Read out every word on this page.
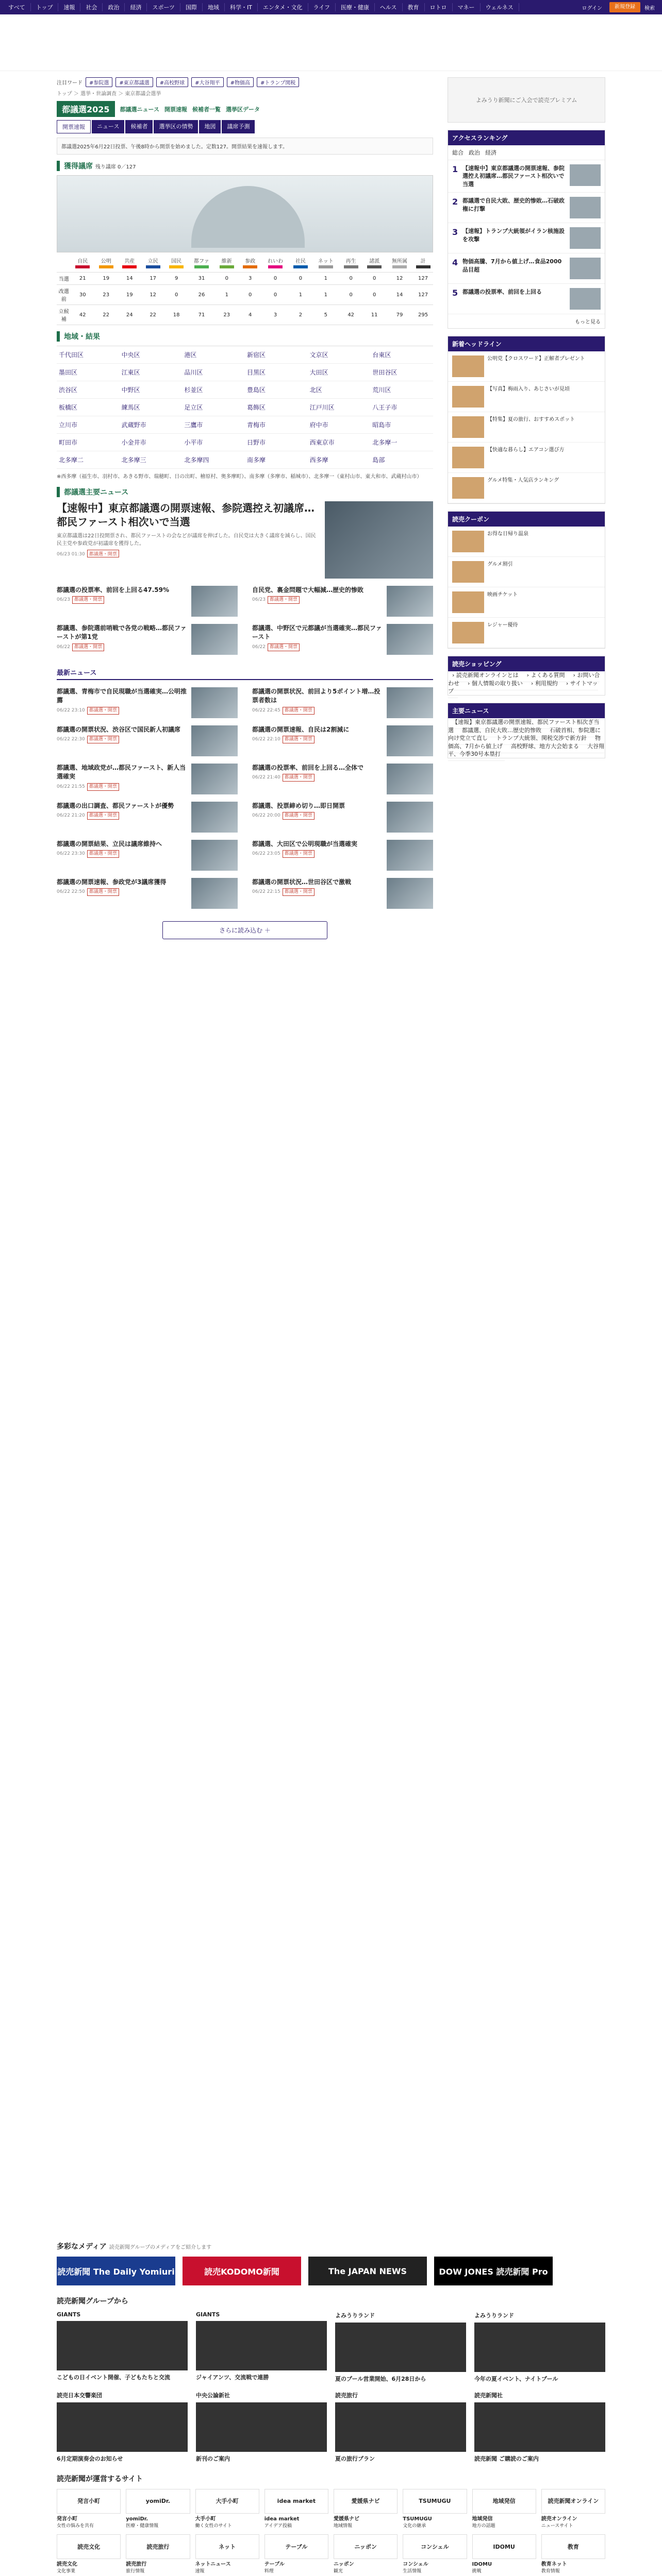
すべて	トップ	速報	社会	政治	経済	スポーツ	国際	地域	科学・IT	エンタメ・文化	ライフ	医療・健康	ヘルス	教育	ロトロ	マネー	ウェルネス	ログイン	新規登録	検索
注目ワード	#参院選	#東京都議選	#高校野球	#大谷翔平	#物価高	#トランプ関税
トップ ＞ 選挙・世論調査 ＞ 東京都議会選挙
都議選2025	都議選ニュース 開票速報 候補者一覧 選挙区データ
開票速報	ニュース	候補者	選挙区の情勢	地図	議席予測
都議選2025年6月22日投票、午後8時から開票を始めました。定数127。開票結果を速報します。
獲得議席 残り議席 0／127
	自民	公明	共産	立民	国民	都ファ	維新	参政	れいわ	社民	ネット	再生	諸派	無所属	計
当選	21	19	14	17	9	31	0	3	0	0	1	0	0	12	127
改選前	30	23	19	12	0	26	1	0	0	1	1	0	0	14	127
立候補	42	22	24	22	18	71	23	4	3	2	5	42	11	79	295
地域・結果
千代田区	中央区	港区	新宿区	文京区	台東区
墨田区	江東区	品川区	目黒区	大田区	世田谷区
渋谷区	中野区	杉並区	豊島区	北区	荒川区
板橋区	練馬区	足立区	葛飾区	江戸川区	八王子市
立川市	武蔵野市	三鷹市	青梅市	府中市	昭島市
町田市	小金井市	小平市	日野市	西東京市	北多摩一
北多摩二	北多摩三	北多摩四	南多摩	西多摩	島部
※西多摩（福生市、羽村市、あきる野市、瑞穂町、日の出町、檜原村、奥多摩町）、南多摩（多摩市、稲城市）、北多摩一（東村山市、東大和市、武蔵村山市）
都議選主要ニュース
【速報中】東京都議選の開票速報、参院選控え初議席…都民ファースト相次いで当選
東京都議選は22日投開票され、都民ファーストの会などが議席を伸ばした。自民党は大きく議席を減らし、国民民主党や参政党が初議席を獲得した。
06/23 01:30 都議選・開票
都議選の投票率、前回を上回る47.59%
06/23 都議選・開票
自民党、裏金問題で大幅減…歴史的惨敗
06/23 都議選・開票
都議選、参院選前哨戦で各党の戦略…都民ファーストが第1党
06/22 都議選・開票
都議選、中野区で元都議が当選確実…都民ファースト
06/22 都議選・開票
最新ニュース
都議選、青梅市で自民現職が当選確実…公明推薦
06/22 23:10 都議選・開票
都議選の開票状況、前回より5ポイント増…投票者数は
06/22 22:45 都議選・開票
都議選の開票状況、渋谷区で国民新人初議席
06/22 22:30 都議選・開票
都議選の開票速報、自民は2割減に
06/22 22:10 都議選・開票
都議選、地域政党が…都民ファースト、新人当選確実
06/22 21:55 都議選・開票
都議選の投票率、前回を上回る…全体で
06/22 21:40 都議選・開票
都議選の出口調査、都民ファーストが優勢
06/22 21:20 都議選・開票
都議選、投票締め切り…即日開票
06/22 20:00 都議選・開票
都議選の開票結果、立民は議席維持へ
06/22 23:30 都議選・開票
都議選、大田区で公明現職が当選確実
06/22 23:05 都議選・開票
都議選の開票速報、参政党が3議席獲得
06/22 22:50 都議選・開票
都議選の開票状況…世田谷区で激戦
06/22 22:15 都議選・開票
さらに読み込む ＋
よみうり新聞にご入会で読売プレミアム
アクセスランキング
総合 政治 経済
1 【速報中】東京都議選の開票速報、参院選控え初議席…都民ファースト相次いで当選
2 都議選で自民大敗、歴史的惨敗…石破政権に打撃
3 【速報】トランプ大統領がイラン核施設を攻撃
4 物価高騰、7月から値上げ…食品2000品目超
5 都議選の投票率、前回を上回る
もっと見る
新着ヘッドライン
公明党【クロスワード】正解者プレゼント
【写真】梅雨入り、あじさいが見頃
【特集】夏の旅行、おすすめスポット
【快適な暮らし】エアコン選び方
グルメ特集・人気店ランキング
読売クーポン
お得な日帰り温泉
グルメ割引
映画チケット
レジャー優待
読売ショッピング
› 読売新聞オンラインとは › よくある質問 › お問い合わせ › 個人情報の取り扱い › 利用規約 › サイトマップ
主要ニュース
【速報】東京都議選の開票速報、都民ファースト相次ぎ当選 都議選、自民大敗…歴史的惨敗 石破首相、参院選に向け党立て直し トランプ大統領、関税交渉で新方針 物価高、7月から値上げ 高校野球、地方大会始まる 大谷翔平、今季30号本塁打
多彩なメディア 読売新聞グループのメディアをご紹介します
読売新聞 The Daily Yomiuri	読売KODOMO新聞	The JAPAN NEWS	DOW JONES 読売新聞 Pro
読売新聞グループから
GIANTS
こどもの日イベント開催、子どもたちと交流
GIANTS
ジャイアンツ、交流戦で連勝
よみうりランド
夏のプール営業開始、6月28日から
よみうりランド
今年の夏イベント、ナイトプール
読売日本交響楽団
6月定期演奏会のお知らせ
中央公論新社
新刊のご案内
読売旅行
夏の旅行プラン
読売新聞社
読売新聞 ご購読のご案内
読売新聞が運営するサイト
発言小町
発言小町
女性の悩みを共有
yomiDr.
yomiDr.
医療・健康情報
大手小町
大手小町
働く女性のサイト
idea market
idea market
アイデア投稿
愛媛県ナビ
愛媛県ナビ
地域情報
TSUMUGU
TSUMUGU
文化の継承
地域発信
地域発信
地方の話題
読売新聞オンライン
読売オンライン
ニュースサイト
読売文化
読売文化
文化事業
読売旅行
読売旅行
旅行情報
ネット
ネットニュース
速報
テーブル
テーブル
料理
ニッポン
ニッポン
観光
コンシェル
コンシェル
生活情報
IDOMU
IDOMU
挑戦
教育
教育ネット
教育情報
